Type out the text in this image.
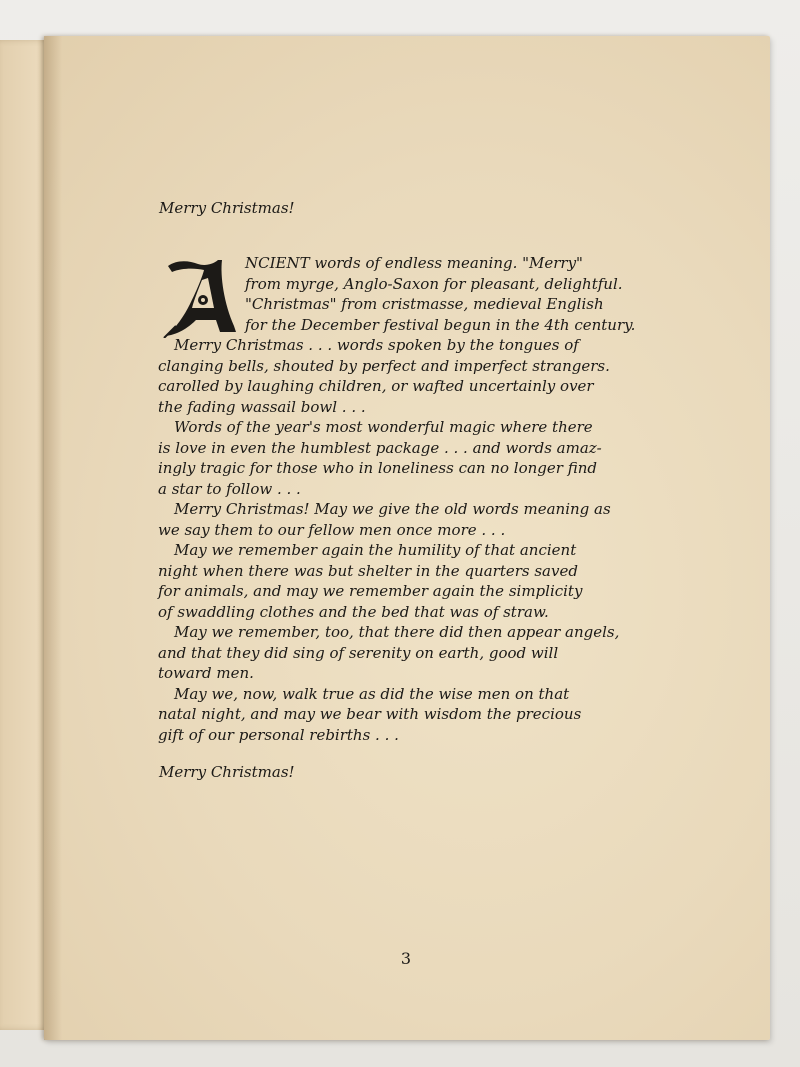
Merry Christmas!
NCIENT words of endless meaning. "Merry"
from myrge, Anglo-Saxon for pleasant, delightful.
"Christmas" from cristmasse, medieval English
for the December festival begun in the 4th century.
Merry Christmas . . . words spoken by the tongues of
clanging bells, shouted by perfect and imperfect strangers.
carolled by laughing children, or wafted uncertainly over
the fading wassail bowl . . .
Words of the year's most wonderful magic where there
is love in even the humblest package . . . and words amaz-
ingly tragic for those who in loneliness can no longer find
a star to follow . . .
Merry Christmas! May we give the old words meaning as
we say them to our fellow men once more . . .
May we remember again the humility of that ancient
night when there was but shelter in the quarters saved
for animals, and may we remember again the simplicity
of swaddling clothes and the bed that was of straw.
May we remember, too, that there did then appear angels,
and that they did sing of serenity on earth, good will
toward men.
May we, now, walk true as did the wise men on that
natal night, and may we bear with wisdom the precious
gift of our personal rebirths . . .
Merry Christmas!
3
